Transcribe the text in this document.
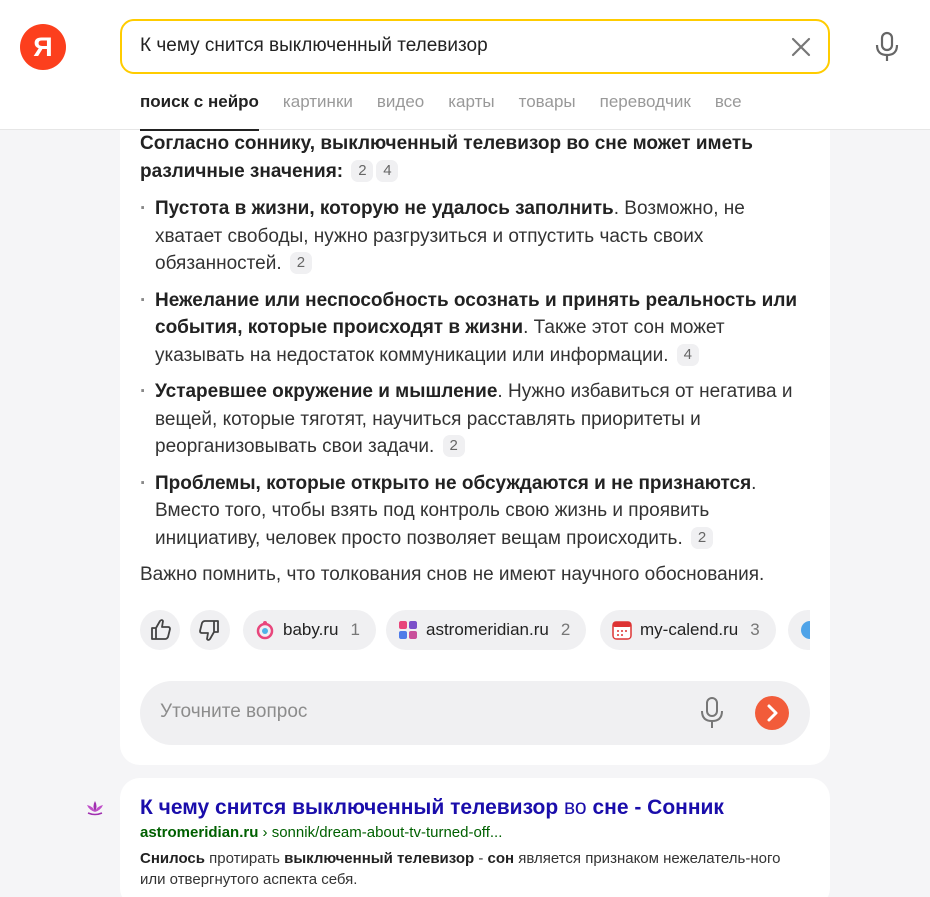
Я
К чему снится выключенный телевизор
Согласно соннику, выключенный телевизор во сне может иметь различные значения: 2 4
· Пустота в жизни, которую не удалось заполнить. Возможно, не хватает свободы, нужно разгрузиться и отпустить часть своих обязанностей. 2
· Нежелание или неспособность осознать и принять реальность или события, которые происходят в жизни. Также этот сон может указывать на недостаток коммуникации или информации. 4
· Устаревшее окружение и мышление. Нужно избавиться от негатива и вещей, которые тяготят, научиться расставлять приоритеты и реорганизовывать свои задачи. 2
· Проблемы, которые открыто не обсуждаются и не признаются. Вместо того, чтобы взять под контроль свою жизнь и проявить инициативу, человек просто позволяет вещам происходить. 2
Важно помнить, что толкования снов не имеют научного обоснования.
baby.ru 1	astromeridian.ru 2	my-calend.ru 3
Уточните вопрос
К чему снится выключенный телевизор во сне - Сонник
astromeridian.ru › sonnik/dream-about-tv-turned-off...
Снилось протирать выключенный телевизор - сон является признаком нежелатель-ного или отвергнутого аспекта себя.
поиск с нейро картинки видео карты товары переводчик все
